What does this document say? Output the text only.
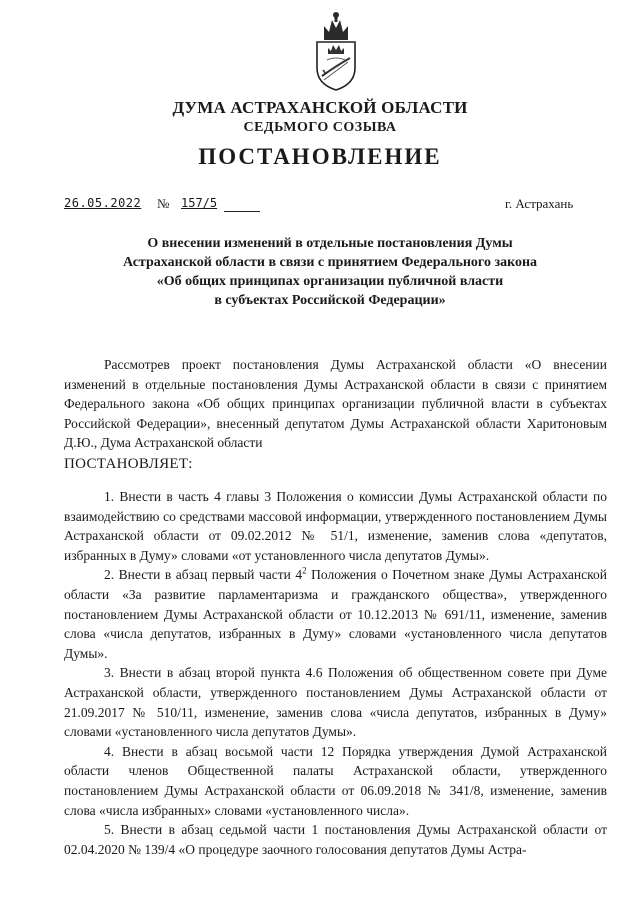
ДУМА АСТРАХАНСКОЙ ОБЛАСТИ
СЕДЬМОГО СОЗЫВА
ПОСТАНОВЛЕНИЕ
26.05.2022 № 157/5	г. Астрахань
О внесении изменений в отдельные постановления Думы
Астраханской области в связи с принятием Федерального закона
«Об общих принципах организации публичной власти
в субъектах Российской Федерации»

Рассмотрев проект постановления Думы Астраханской области «О внесении изменений в отдельные постановления Думы Астраханской области в связи с принятием Федерального закона «Об общих принципах организации публичной власти в субъектах Российской Федерации», внесенный депутатом Думы Астраханской области Харитоновым Д.Ю., Дума Астраханской области

ПОСТАНОВЛЯЕТ:

1. Внести в часть 4 главы 3 Положения о комиссии Думы Астраханской области по взаимодействию со средствами массовой информации, утвержденного постановлением Думы Астраханской области от 09.02.2012 № 51/1, изменение, заменив слова «депутатов, избранных в Думу» словами «от установленного числа депутатов Думы».

2. Внести в абзац первый части $4^2$ Положения о Почетном знаке Думы Астраханской области «За развитие парламентаризма и гражданского общества», утвержденного постановлением Думы Астраханской области от 10.12.2013 № 691/11, изменение, заменив слова «числа депутатов, избранных в Думу» словами «установленного числа депутатов Думы».

3. Внести в абзац второй пункта 4.6 Положения об общественном совете при Думе Астраханской области, утвержденного постановлением Думы Астраханской области от 21.09.2017 № 510/11, изменение, заменив слова «числа депутатов, избранных в Думу» словами «установленного числа депутатов Думы».

4. Внести в абзац восьмой части 12 Порядка утверждения Думой Астраханской области членов Общественной палаты Астраханской области, утвержденного постановлением Думы Астраханской области от 06.09.2018 № 341/8, изменение, заменив слова «числа избранных» словами «установленного числа».

5. Внести в абзац седьмой части 1 постановления Думы Астраханской области от 02.04.2020 № 139/4 «О процедуре заочного голосования депутатов Думы Астра-
